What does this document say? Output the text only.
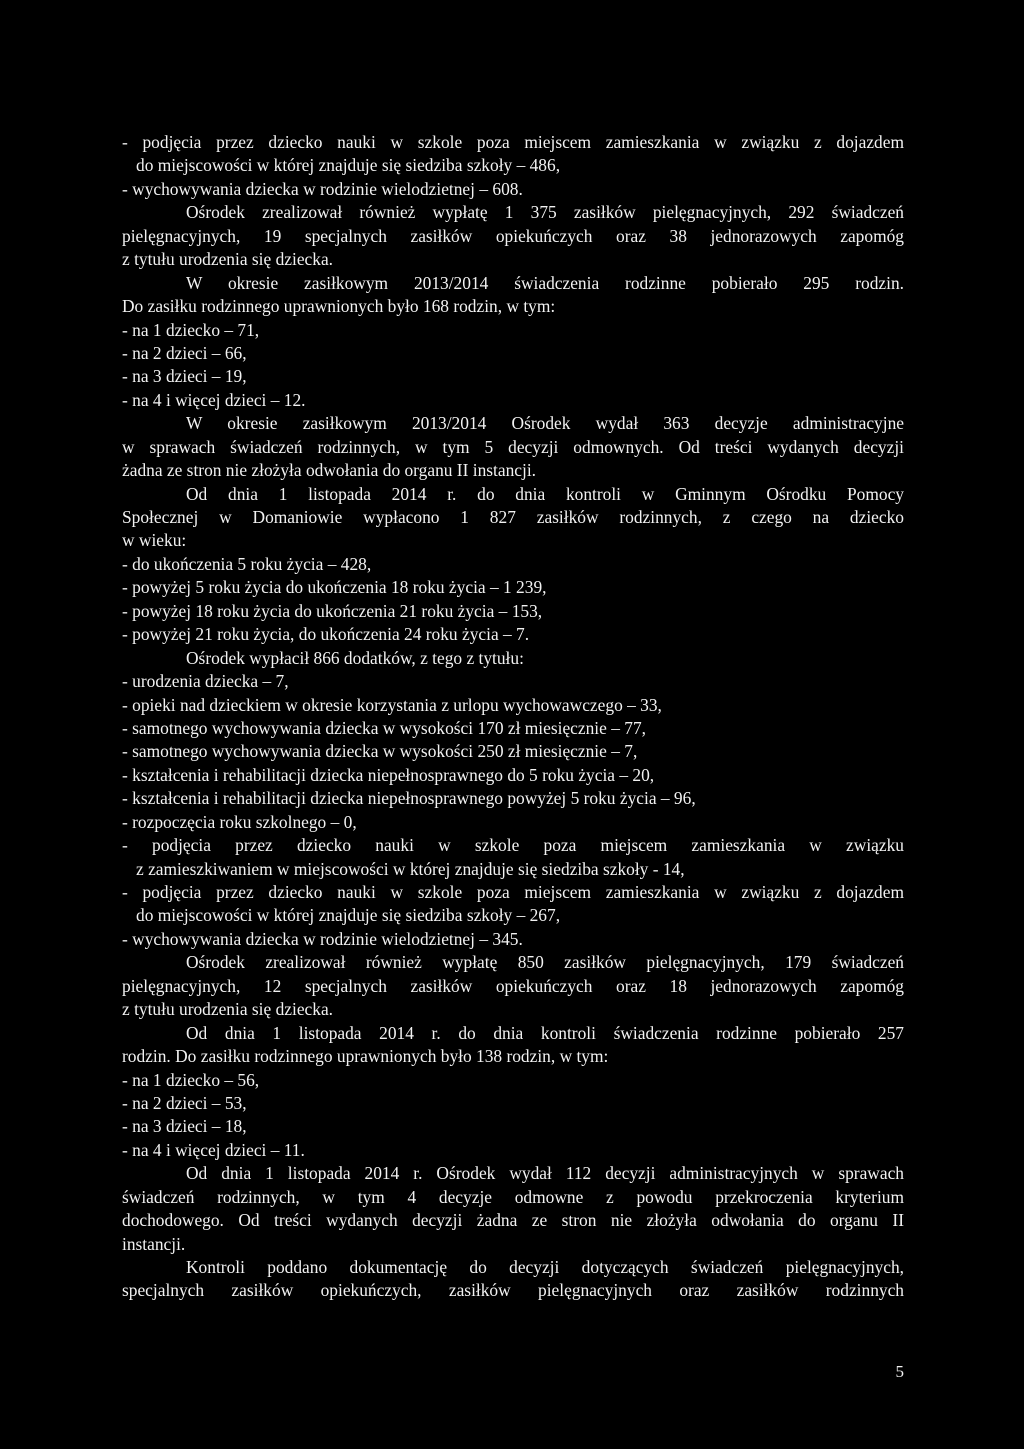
- podjęcia przez dziecko nauki w szkole poza miejscem zamieszkania w związku z dojazdem
do miejscowości w której znajduje się siedziba szkoły – 486,
- wychowywania dziecka w rodzinie wielodzietnej – 608.
Ośrodek zrealizował również wypłatę 1 375 zasiłków pielęgnacyjnych, 292 świadczeń
pielęgnacyjnych, 19 specjalnych zasiłków opiekuńczych oraz 38 jednorazowych zapomóg
z tytułu urodzenia się dziecka.
W okresie zasiłkowym 2013/2014 świadczenia rodzinne pobierało 295 rodzin.
Do zasiłku rodzinnego uprawnionych było 168 rodzin, w tym:
- na 1 dziecko – 71,
- na 2 dzieci – 66,
- na 3 dzieci – 19,
- na 4 i więcej dzieci – 12.
W okresie zasiłkowym 2013/2014 Ośrodek wydał 363 decyzje administracyjne
w sprawach świadczeń rodzinnych, w tym 5 decyzji odmownych. Od treści wydanych decyzji
żadna ze stron nie złożyła odwołania do organu II instancji.
Od dnia 1 listopada 2014 r. do dnia kontroli w Gminnym Ośrodku Pomocy
Społecznej w Domaniowie wypłacono 1 827 zasiłków rodzinnych, z czego na dziecko
w wieku:
- do ukończenia 5 roku życia – 428,
- powyżej 5 roku życia do ukończenia 18 roku życia – 1 239,
- powyżej 18 roku życia do ukończenia 21 roku życia – 153,
- powyżej 21 roku życia, do ukończenia 24 roku życia – 7.
Ośrodek wypłacił 866 dodatków, z tego z tytułu:
- urodzenia dziecka – 7,
- opieki nad dzieckiem w okresie korzystania z urlopu wychowawczego – 33,
- samotnego wychowywania dziecka w wysokości 170 zł miesięcznie – 77,
- samotnego wychowywania dziecka w wysokości 250 zł miesięcznie – 7,
- kształcenia i rehabilitacji dziecka niepełnosprawnego do 5 roku życia – 20,
- kształcenia i rehabilitacji dziecka niepełnosprawnego powyżej 5 roku życia – 96,
- rozpoczęcia roku szkolnego – 0,
- podjęcia przez dziecko nauki w szkole poza miejscem zamieszkania w związku
z zamieszkiwaniem w miejscowości w której znajduje się siedziba szkoły - 14,
- podjęcia przez dziecko nauki w szkole poza miejscem zamieszkania w związku z dojazdem
do miejscowości w której znajduje się siedziba szkoły – 267,
- wychowywania dziecka w rodzinie wielodzietnej – 345.
Ośrodek zrealizował również wypłatę 850 zasiłków pielęgnacyjnych, 179 świadczeń
pielęgnacyjnych, 12 specjalnych zasiłków opiekuńczych oraz 18 jednorazowych zapomóg
z tytułu urodzenia się dziecka.
Od dnia 1 listopada 2014 r. do dnia kontroli świadczenia rodzinne pobierało 257
rodzin. Do zasiłku rodzinnego uprawnionych było 138 rodzin, w tym:
- na 1 dziecko – 56,
- na 2 dzieci – 53,
- na 3 dzieci – 18,
- na 4 i więcej dzieci – 11.
Od dnia 1 listopada 2014 r. Ośrodek wydał 112 decyzji administracyjnych w sprawach
świadczeń rodzinnych, w tym 4 decyzje odmowne z powodu przekroczenia kryterium
dochodowego. Od treści wydanych decyzji żadna ze stron nie złożyła odwołania do organu II
instancji.
Kontroli poddano dokumentację do decyzji dotyczących świadczeń pielęgnacyjnych,
specjalnych zasiłków opiekuńczych, zasiłków pielęgnacyjnych oraz zasiłków rodzinnych
5
